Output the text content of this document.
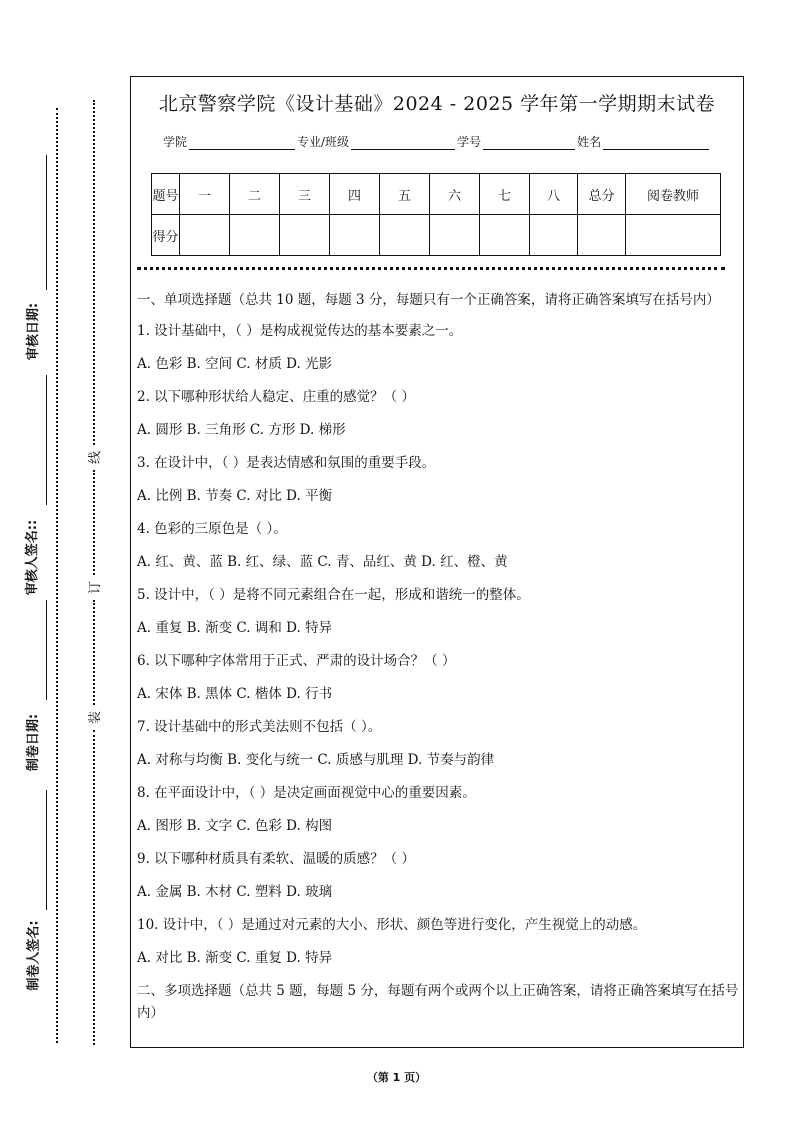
审核日期:
审核人签名::
制卷日期:
制卷人签名:
线
订
装
北京警察学院《设计基础》2024 - 2025 学年第一学期期末试卷
学院	专业/班级	学号	姓名
题号	一	二	三	四	五	六	七	八	总分	阅卷教师
得分										

一、单项选择题（总共 10 题，每题 3 分，每题只有一个正确答案，请将正确答案填写在括号内）

1. 设计基础中，（ ）是构成视觉传达的基本要素之一。

A. 色彩 B. 空间 C. 材质 D. 光影

2. 以下哪种形状给人稳定、庄重的感觉？（ ）

A. 圆形 B. 三角形 C. 方形 D. 梯形

3. 在设计中，（ ）是表达情感和氛围的重要手段。

A. 比例 B. 节奏 C. 对比 D. 平衡

4. 色彩的三原色是（ ）。

A. 红、黄、蓝 B. 红、绿、蓝 C. 青、品红、黄 D. 红、橙、黄

5. 设计中，（ ）是将不同元素组合在一起，形成和谐统一的整体。

A. 重复 B. 渐变 C. 调和 D. 特异

6. 以下哪种字体常用于正式、严肃的设计场合？（ ）

A. 宋体 B. 黑体 C. 楷体 D. 行书

7. 设计基础中的形式美法则不包括（ ）。

A. 对称与均衡 B. 变化与统一 C. 质感与肌理 D. 节奏与韵律

8. 在平面设计中，（ ）是决定画面视觉中心的重要因素。

A. 图形 B. 文字 C. 色彩 D. 构图

9. 以下哪种材质具有柔软、温暖的质感？（ ）

A. 金属 B. 木材 C. 塑料 D. 玻璃

10. 设计中，（ ）是通过对元素的大小、形状、颜色等进行变化，产生视觉上的动感。

A. 对比 B. 渐变 C. 重复 D. 特异

二、多项选择题（总共 5 题，每题 5 分，每题有两个或两个以上正确答案，请将正确答案填写在括号内）

（第 1 页）
